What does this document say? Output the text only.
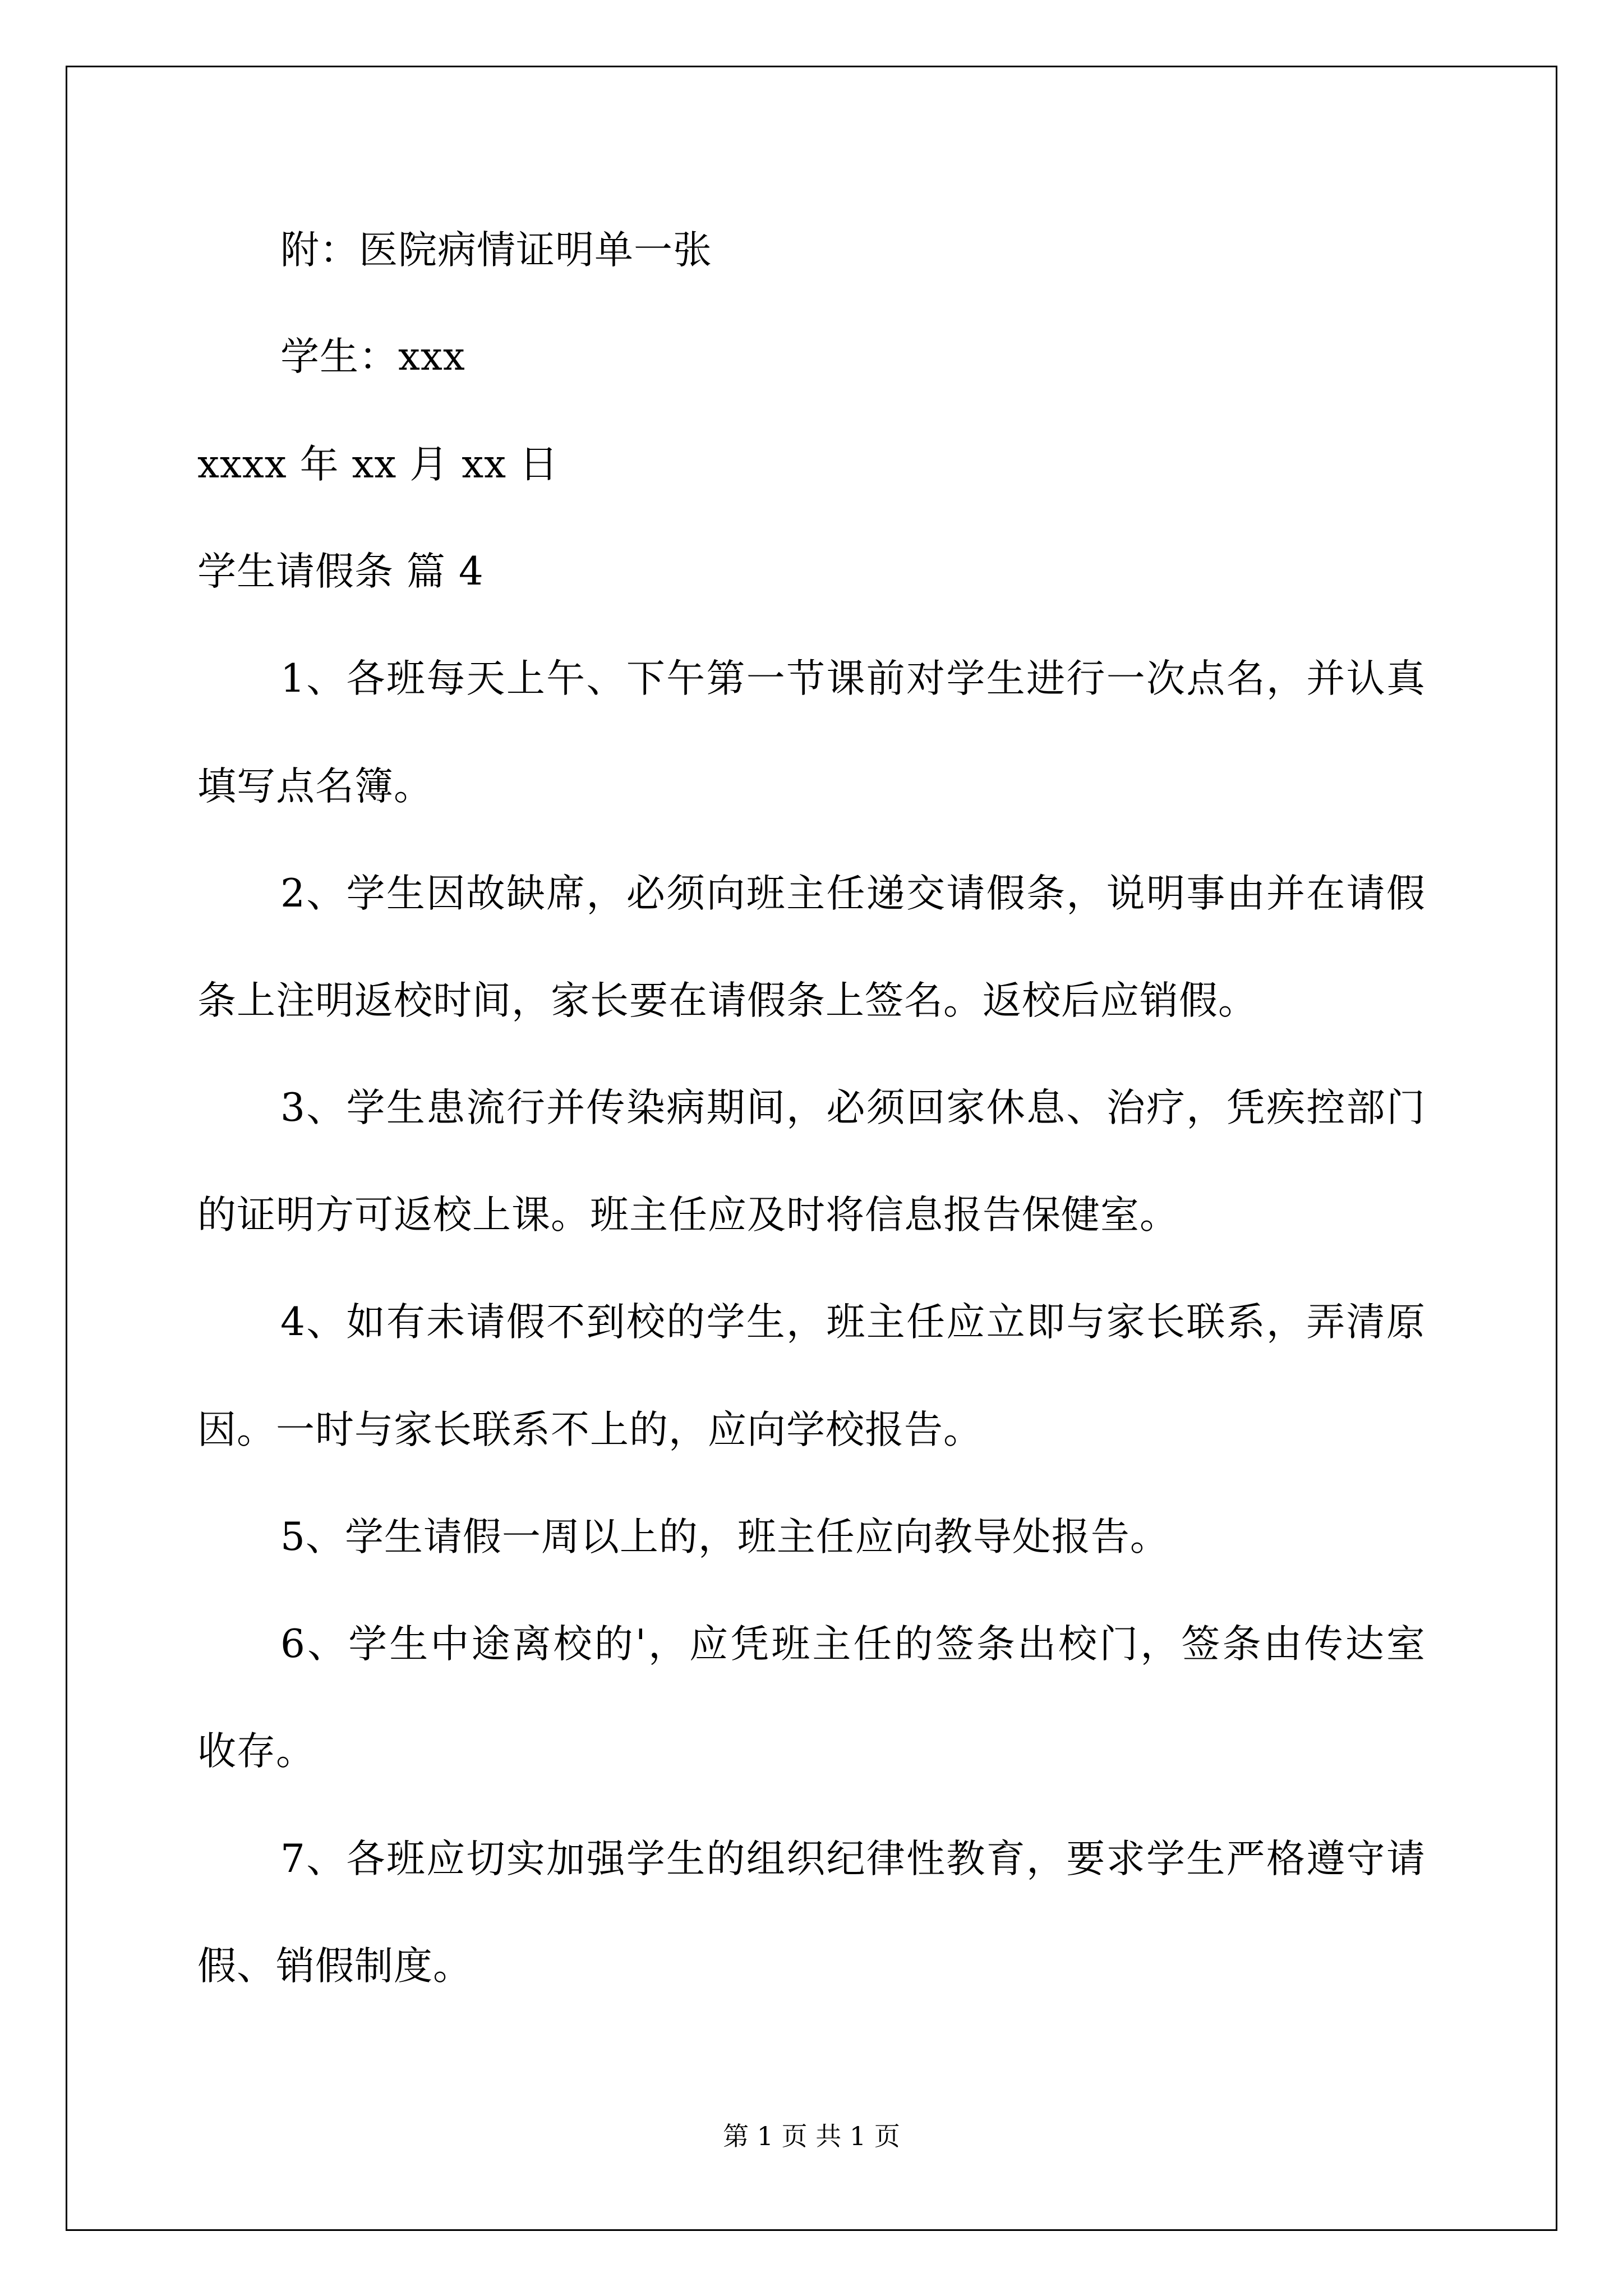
附：医院病情证明单一张
学生：xxx
xxxx 年 xx 月 xx 日
学生请假条 篇 4
1、各班每天上午、下午第一节课前对学生进行一次点名，并认真
填写点名簿。
2、学生因故缺席，必须向班主任递交请假条，说明事由并在请假
条上注明返校时间，家长要在请假条上签名。返校后应销假。
3、学生患流行并传染病期间，必须回家休息、治疗，凭疾控部门
的证明方可返校上课。班主任应及时将信息报告保健室。
4、如有未请假不到校的学生，班主任应立即与家长联系，弄清原
因。一时与家长联系不上的，应向学校报告。
5、学生请假一周以上的，班主任应向教导处报告。
6、学生中途离校的'，应凭班主任的签条出校门，签条由传达室
收存。
7、各班应切实加强学生的组织纪律性教育，要求学生严格遵守请
假、销假制度。
第 1 页 共 1 页
